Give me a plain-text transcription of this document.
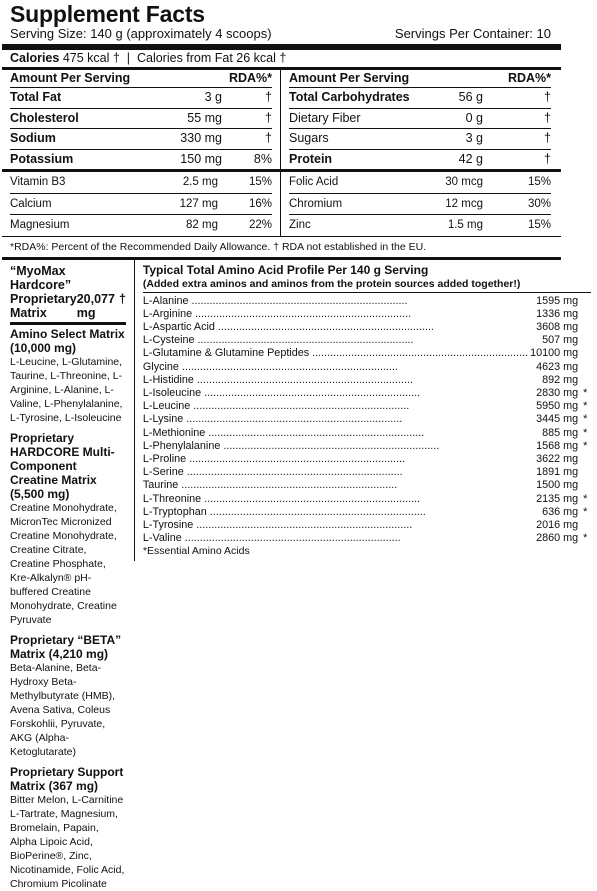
Supplement Facts
Serving Size: 140 g (approximately 4 scoops)	Servings Per Container: 10
Calories 475 kcal †  |  Calories from Fat 26 kcal †
Amount Per Serving	RDA%*
Total Fat	3 g	†
Cholesterol	55 mg	†
Sodium	330 mg	†
Potassium	150 mg	8%
Amount Per Serving	RDA%*
Total Carbohydrates	56 g	†
Dietary Fiber	0 g	†
Sugars	3 g	†
Protein	42 g	†
Vitamin B3	2.5 mg	15%
Calcium	127 mg	16%
Magnesium	82 mg	22%
Folic Acid	30 mcg	15%
Chromium	12 mcg	30%
Zinc	1.5 mg	15%
*RDA%: Percent of the Recommended Daily Allowance. † RDA not established in the EU.
“MyoMax Hardcore”
Proprietary Matrix
20,077 mg
†
Amino Select Matrix (10,000 mg)
L-Leucine, L-Glutamine, Taurine, L-Threonine, L-Arginine, L-Alanine, L-Valine, L-Phenylalanine, L-Tyrosine, L-Isoleucine
Proprietary HARDCORE Multi-Component Creatine Matrix (5,500 mg)
Creatine Monohydrate, MicronTec Micronized Creatine Monohydrate, Creatine Citrate, Creatine Phosphate, Kre-Alkalyn® pH-buffered Creatine Monohydrate, Creatine Pyruvate
Proprietary “BETA” Matrix (4,210 mg)
Beta-Alanine, Beta-Hydroxy Beta-Methylbutyrate (HMB), Avena Sativa, Coleus Forskohlii, Pyruvate, AKG (Alpha-Ketoglutarate)
Proprietary Support Matrix (367 mg)
Bitter Melon, L-Carnitine L-Tartrate, Magnesium, Bromelain, Papain, Alpha Lipoic Acid, BioPerine®, Zinc, Nicotinamide, Folic Acid, Chromium Picolinate
Typical Total Amino Acid Profile Per 140 g Serving
(Added extra aminos and aminos from the protein sources added together!)
L-Alanine .....	1595 mg
L-Arginine .....	1336 mg
L-Aspartic Acid .....	3608 mg
L-Cysteine .....	507 mg
L-Glutamine & Glutamine Peptides .....	10100 mg
Glycine .....	4623 mg
L-Histidine .....	892 mg
L-Isoleucine .....	2830 mg *
L-Leucine .....	5950 mg *
L-Lysine .....	3445 mg *
L-Methionine .....	885 mg *
L-Phenylalanine .....	1568 mg *
L-Proline .....	3622 mg
L-Serine .....	1891 mg
Taurine .....	1500 mg
L-Threonine .....	2135 mg *
L-Tryptophan .....	636 mg *
L-Tyrosine .....	2016 mg
L-Valine .....	2860 mg *
*Essential Amino Acids
